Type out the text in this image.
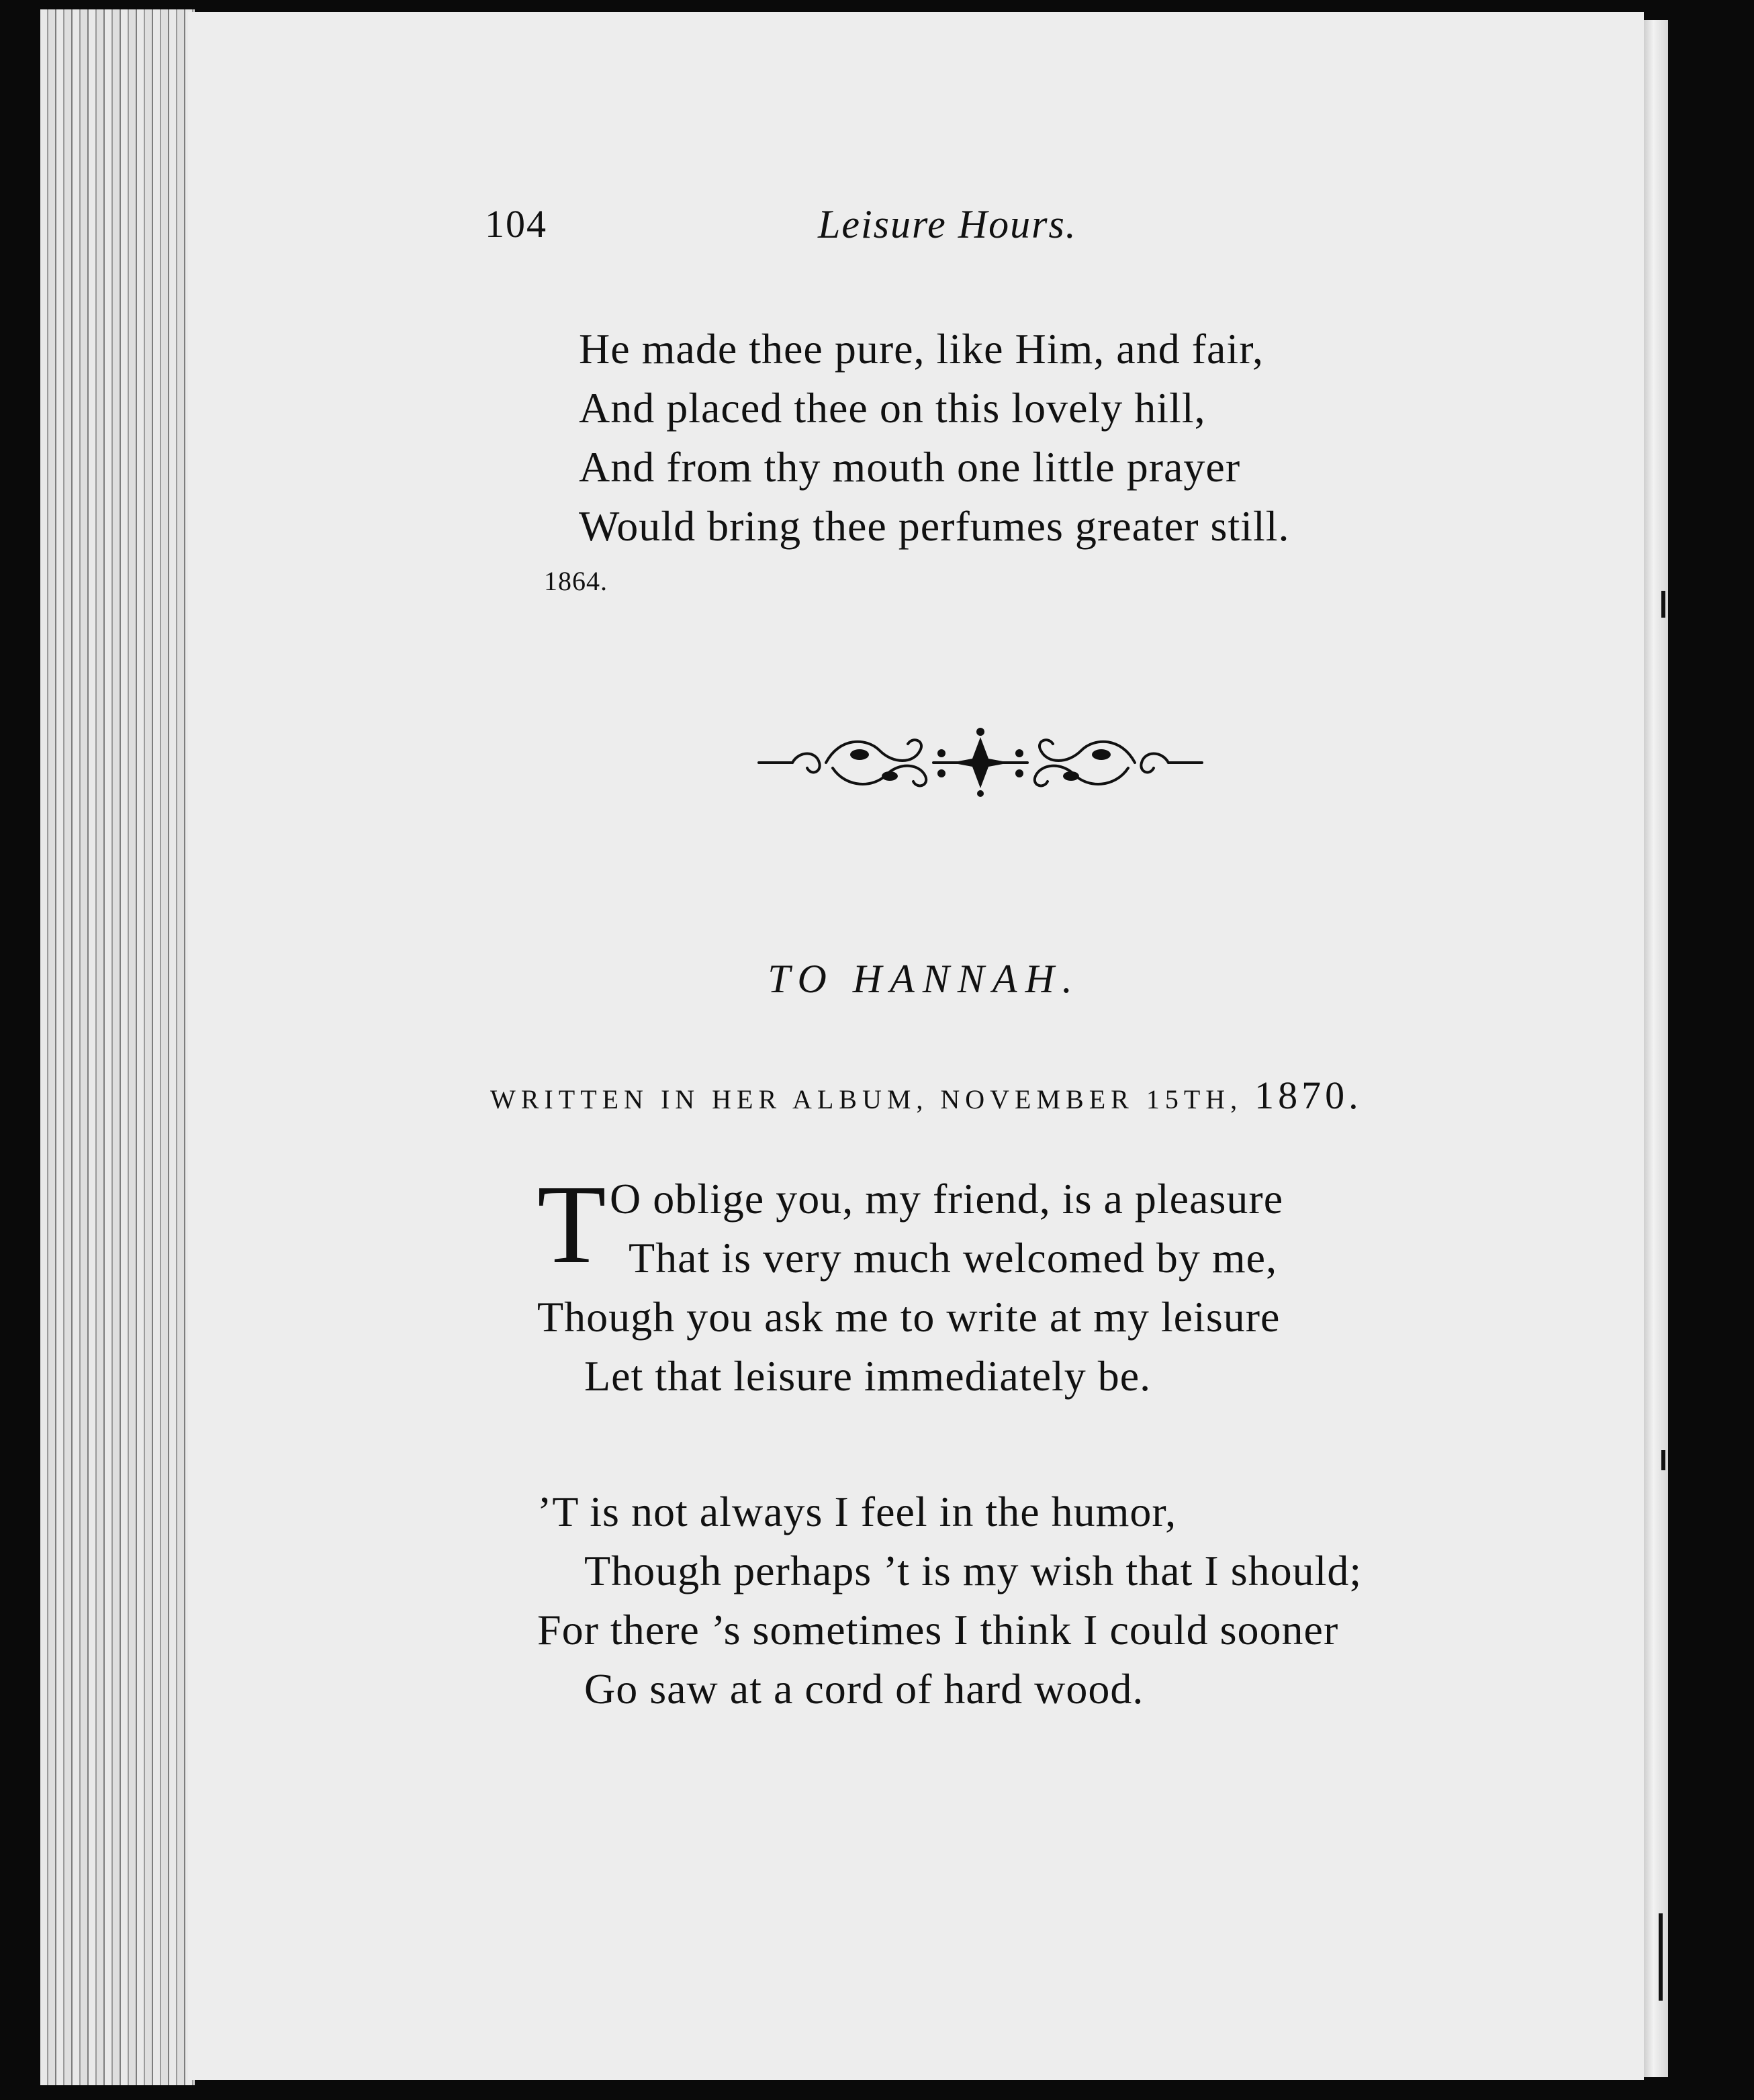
104	Leisure Hours.
He made thee pure, like Him, and fair,
And placed thee on this lovely hill,
And from thy mouth one little prayer
Would bring thee perfumes greater still.
1864.
TO HANNAH.
WRITTEN IN HER ALBUM, NOVEMBER 15TH, 1870.
T O oblige you, my friend, is a pleasure
That is very much welcomed by me,
Though you ask me to write at my leisure
Let that leisure immediately be.
’T is not always I feel in the humor,
Though perhaps ’t is my wish that I should;
For there ’s sometimes I think I could sooner
Go saw at a cord of hard wood.
